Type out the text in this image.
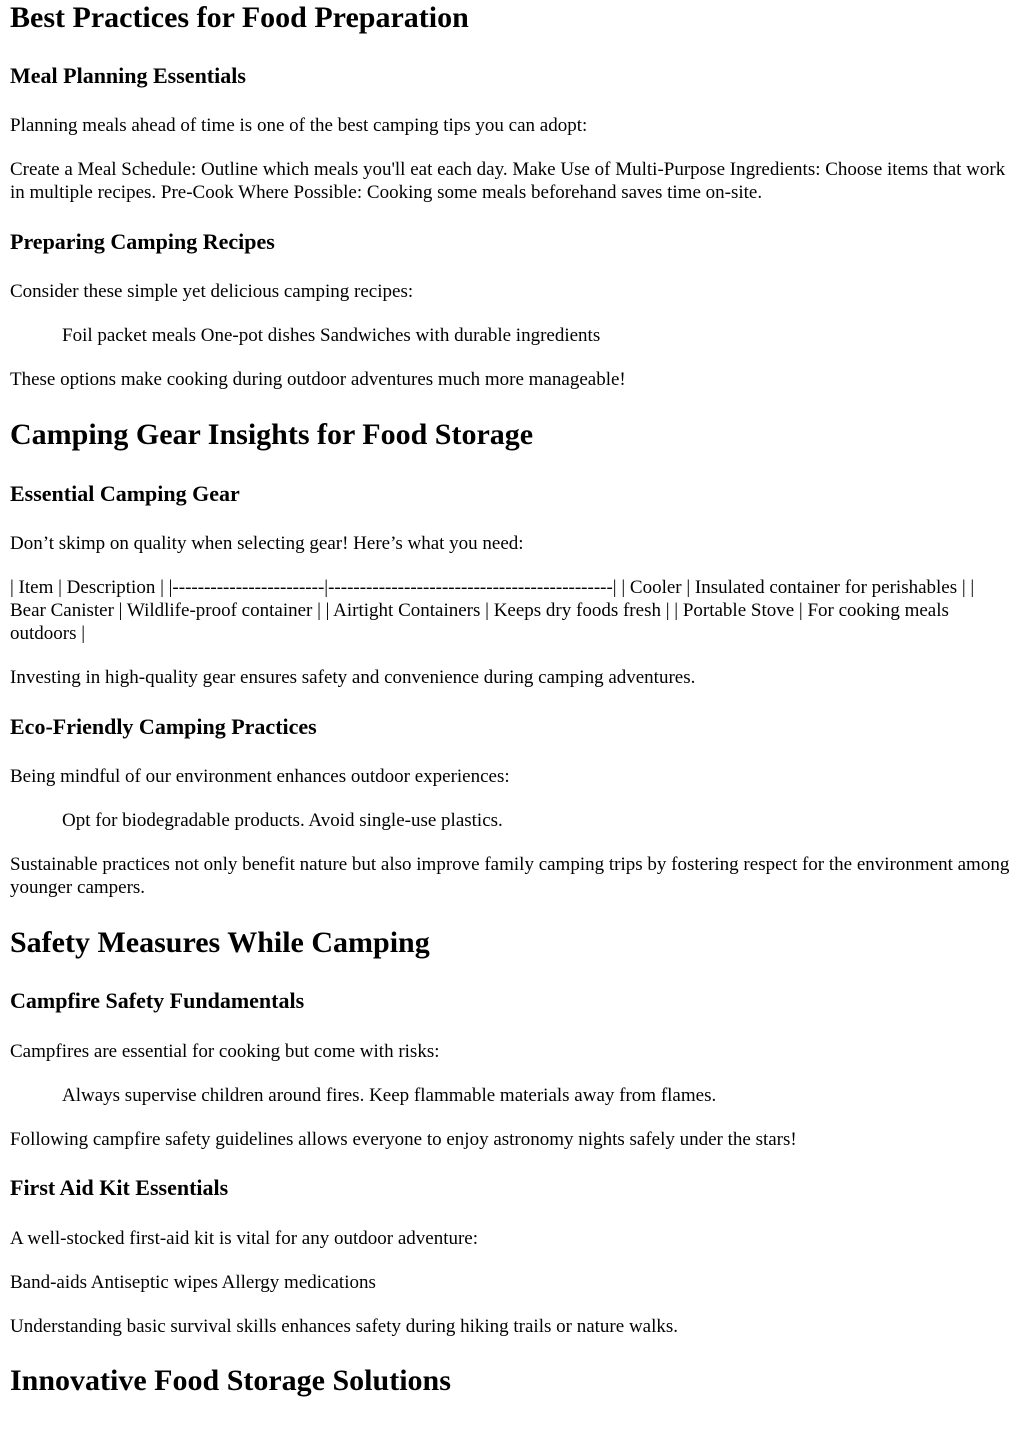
Best Practices for Food Preparation
Meal Planning Essentials

Planning meals ahead of time is one of the best camping tips you can adopt:

Create a Meal Schedule: Outline which meals you'll eat each day. Make Use of Multi-Purpose Ingredients: Choose items that work in multiple recipes. Pre-Cook Where Possible: Cooking some meals beforehand saves time on-site.

Preparing Camping Recipes

Consider these simple yet delicious camping recipes:

Foil packet meals One-pot dishes Sandwiches with durable ingredients

These options make cooking during outdoor adventures much more manageable!

Camping Gear Insights for Food Storage
Essential Camping Gear

Don’t skimp on quality when selecting gear! Here’s what you need:

| Item | Description | |------------------------|---------------------------------------------| | Cooler | Insulated container for perishables | | Bear Canister | Wildlife-proof container | | Airtight Containers | Keeps dry foods fresh | | Portable Stove | For cooking meals outdoors |

Investing in high-quality gear ensures safety and convenience during camping adventures.

Eco-Friendly Camping Practices

Being mindful of our environment enhances outdoor experiences:

Opt for biodegradable products. Avoid single-use plastics.

Sustainable practices not only benefit nature but also improve family camping trips by fostering respect for the environment among younger campers.

Safety Measures While Camping
Campfire Safety Fundamentals

Campfires are essential for cooking but come with risks:

Always supervise children around fires. Keep flammable materials away from flames.

Following campfire safety guidelines allows everyone to enjoy astronomy nights safely under the stars!

First Aid Kit Essentials

A well-stocked first-aid kit is vital for any outdoor adventure:

Band-aids Antiseptic wipes Allergy medications

Understanding basic survival skills enhances safety during hiking trails or nature walks.

Innovative Food Storage Solutions
